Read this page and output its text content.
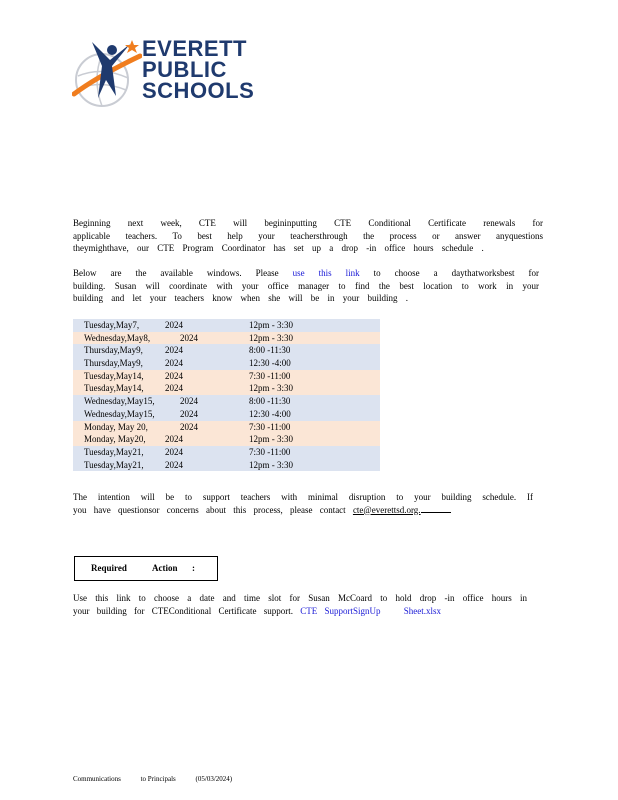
EVERETT
PUBLIC
SCHOOLS
Beginning next week, CTE will begininputting CTE Conditional Certificate renewals for
applicable teachers. To best help your teachersthrough the process or answer anyquestions
theymighthave, our CTE Program Coordinator has set up a drop -in office hours schedule .
Below are the available windows. Please use this link to choose a daythatworksbest for
building. Susan will coordinate with your office manager to find the best location to work in your
building and let your teachers know when she will be in your building .
Tuesday,May7,	2024	12pm - 3:30
Wednesday,May8,	2024	12pm - 3:30
Thursday,May9, 2024	8:00 -11:30
Thursday,May9, 2024	12:30 -4:00
Tuesday,May14, 2024	7:30 -11:00
Tuesday,May14, 2024	12pm - 3:30
Wednesday,May15,	2024	8:00 -11:30
Wednesday,May15,	2024	12:30 -4:00
Monday, May 20,	2024	7:30 -11:00
Monday, May20, 2024	12pm - 3:30
Tuesday,May21, 2024	7:30 -11:00
Tuesday,May21, 2024	12pm - 3:30
The intention will be to support teachers with minimal disruption to your building schedule. If
you have questionsor concerns about this process, please contact cte@everettsd.org.
Required	Action :
Use this link to choose a date and time slot for Susan McCoard to hold drop -in office hours in
your building for CTEConditional Certificate support. CTE SupportSignUp	Sheet.xlsx
Communications	to Principals	(05/03/2024)
